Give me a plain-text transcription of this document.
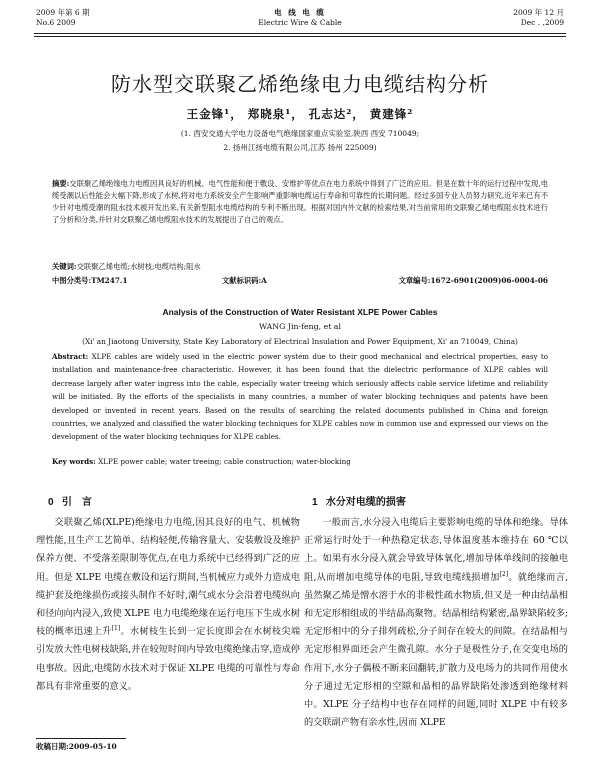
2009 年第 6 期
No.6 2009
电 线 电 缆
Electric Wire & Cable
2009 年 12 月
Dec . ,2009
防水型交联聚乙烯绝缘电力电缆结构分析
王金锋¹， 郑晓泉¹， 孔志达²， 黄建锋²
(1. 西安交通大学电力设备电气绝缘国家重点实验室,陕西 西安 710049;
2. 扬州江扬电缆有限公司,江苏 扬州 225009)
摘要:交联聚乙烯绝缘电力电缆因具良好的机械、电气性能和便于敷设、安维护等优点在电力系统中得到了广泛的应用。但是在数十年的运行过程中发现,电缆受潮以后性能会大幅下降,形成了水树,将对电力系统安全产生影响严重影响电缆运行寿命和可靠性的长期问题。经过多国专业人员努力研究,近年来已有不少针对电缆受潮的阻水技术被开发出来,有关新型阻水电缆结构的专利不断出现。根据对国内外文献的检索结果,对当前常用的交联聚乙烯电缆阻水技术进行了分析和分类,并针对交联聚乙烯电缆阻水技术的发展提出了自己的观点。
关键词:交联聚乙烯电缆;水树枝;电缆结构;阻水
中图分类号:TM247.1	文献标识码:A	文章编号:1672-6901(2009)06-0004-06
Analysis of the Construction of Water Resistant XLPE Power Cables
WANG Jin-feng, et al
(Xi' an Jiaotong University, State Key Laboratory of Electrical Insulation and Power Equipment, Xi' an 710049, China)
Abstract: XLPE cables are widely used in the electric power system due to their good mechanical and electrical properties, easy to installation and maintenance-free characteristic. However, it has been found that the dielectric performance of XLPE cables will decrease largely after water ingress into the cable, especially water treeing which seriously affects cable service lifetime and reliability will be initiated. By the efforts of the specialists in many countries, a number of water blocking techniques and patents have been developed or invented in recent years. Based on the results of searching the related documents published in China and foreign countries, we analyzed and classified the water blocking techniques for XLPE cables now in common use and expressed our views on the development of the water blocking techniques for XLPE cables.
Key words: XLPE power cable; water treeing; cable construction; water-blocking
0 引　言	1 水分对电缆的损害

交联聚乙烯(XLPE)绝缘电力电缆,因其良好的电气、机械物理性能,且生产工艺简单、结构轻便,传输容量大、安装敷设及维护保养方便、不受落差限制等优点,在电力系统中已经得到广泛的应用。但是 XLPE 电缆在敷设和运行期间,当机械应力或外力造成电缆护套及绝缘损伤或接头制作不好时,潮气或水分会沿着电缆纵向和径向向内浸入,致使 XLPE 电力电缆绝缘在运行电压下生成水树枝的概率迅速上升[1]。水树枝生长到一定长度即会在水树枝尖端引发放大性电树枝缺陷,并在较短时间内导致电缆绝缘击穿,造成停电事故。因此,电缆防水技术对于保证 XLPE 电缆的可靠性与寿命都具有非常重要的意义。

一般而言,水分浸入电缆后主要影响电缆的导体和绝缘。导体正常运行时处于一种热稳定状态,导体温度基本维持在 60 ℃以上。如果有水分浸入就会导致导体氧化,增加导体单线间的接触电阻,从而增加电缆导体的电阻,导致电缆线损增加[2]。就绝缘而言,虽然聚乙烯是憎水溶于水的非极性疏水物质,但又是一种由结晶相和无定形相组成的半结晶高聚物。结晶相结构紧密,晶界缺陷较多;无定形相中的分子排列疏松,分子间存在较大的间隙。在结晶相与无定形相界面还会产生微孔隙。水分子是极性分子,在交变电场的作用下,水分子偶极不断来回翻转,扩散力及电场力的共同作用使水分子通过无定形相的空隙和晶相的晶界缺陷处渗透到绝缘材料中。XLPE 分子结构中也存在同样的问题,同时 XLPE 中有较多的交联副产物有亲水性,因而 XLPE

收稿日期:2009-05-10
